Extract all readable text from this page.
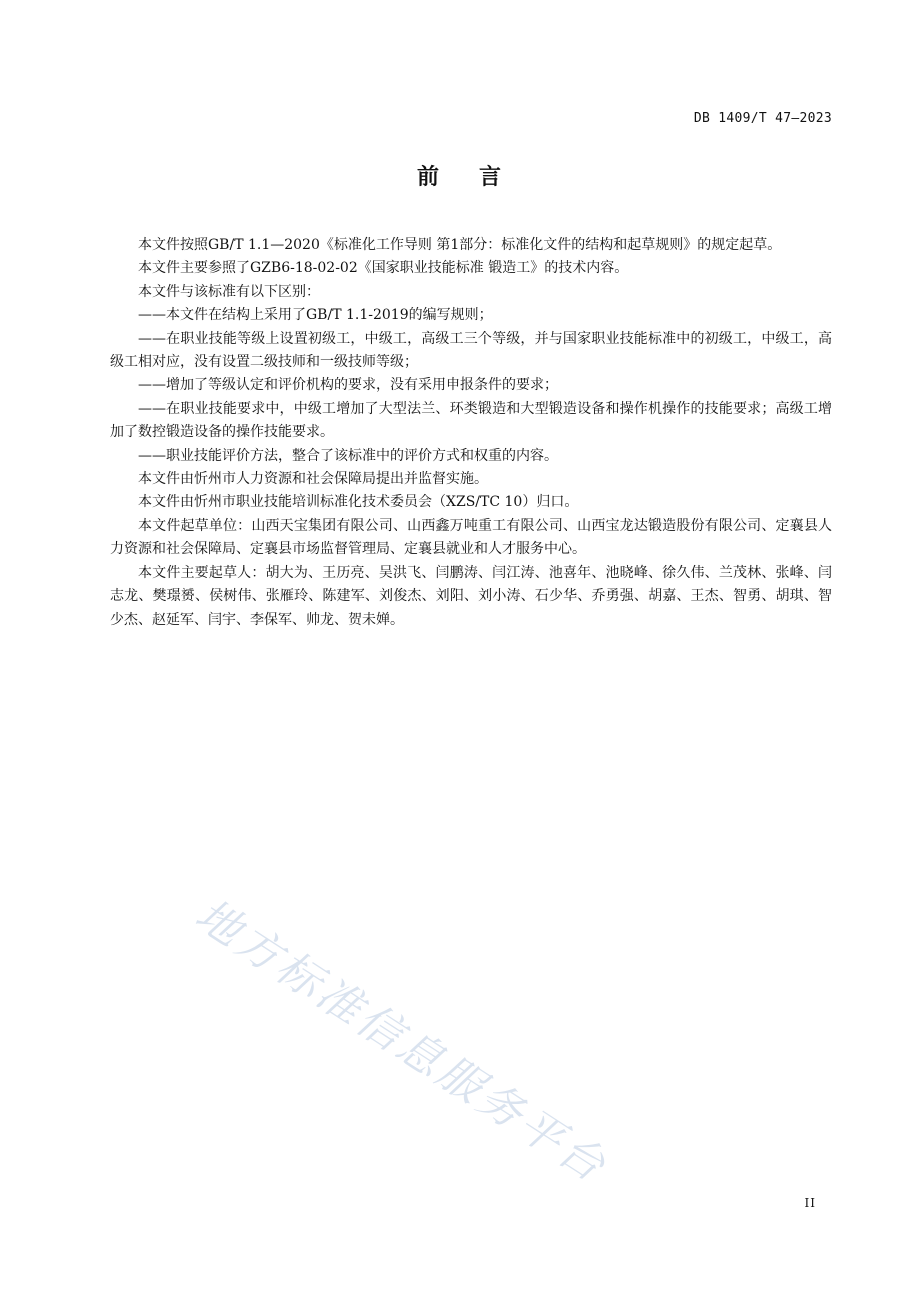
DB 1409/T 47—2023
前 言

本文件按照GB/T 1.1—2020《标准化工作导则 第1部分：标准化文件的结构和起草规则》的规定起草。

本文件主要参照了GZB6-18-02-02《国家职业技能标准 锻造工》的技术内容。

本文件与该标准有以下区别：

——本文件在结构上采用了GB/T 1.1-2019的编写规则；

——在职业技能等级上设置初级工，中级工，高级工三个等级，并与国家职业技能标准中的初级工，中级工，高级工相对应，没有设置二级技师和一级技师等级；

——增加了等级认定和评价机构的要求，没有采用申报条件的要求；

——在职业技能要求中，中级工增加了大型法兰、环类锻造和大型锻造设备和操作机操作的技能要求；高级工增加了数控锻造设备的操作技能要求。

——职业技能评价方法，整合了该标准中的评价方式和权重的内容。

本文件由忻州市人力资源和社会保障局提出并监督实施。

本文件由忻州市职业技能培训标准化技术委员会（XZS/TC 10）归口。

本文件起草单位：山西天宝集团有限公司、山西鑫万吨重工有限公司、山西宝龙达锻造股份有限公司、定襄县人力资源和社会保障局、定襄县市场监督管理局、定襄县就业和人才服务中心。

本文件主要起草人：胡大为、王历亮、吴洪飞、闫鹏涛、闫江涛、池喜年、池晓峰、徐久伟、兰茂林、张峰、闫志龙、樊璟赟、侯树伟、张雁玲、陈建军、刘俊杰、刘阳、刘小涛、石少华、乔勇强、胡嘉、王杰、智勇、胡琪、智少杰、赵延军、闫宇、李保军、帅龙、贺未婵。

地方标准信息服务平台
II
